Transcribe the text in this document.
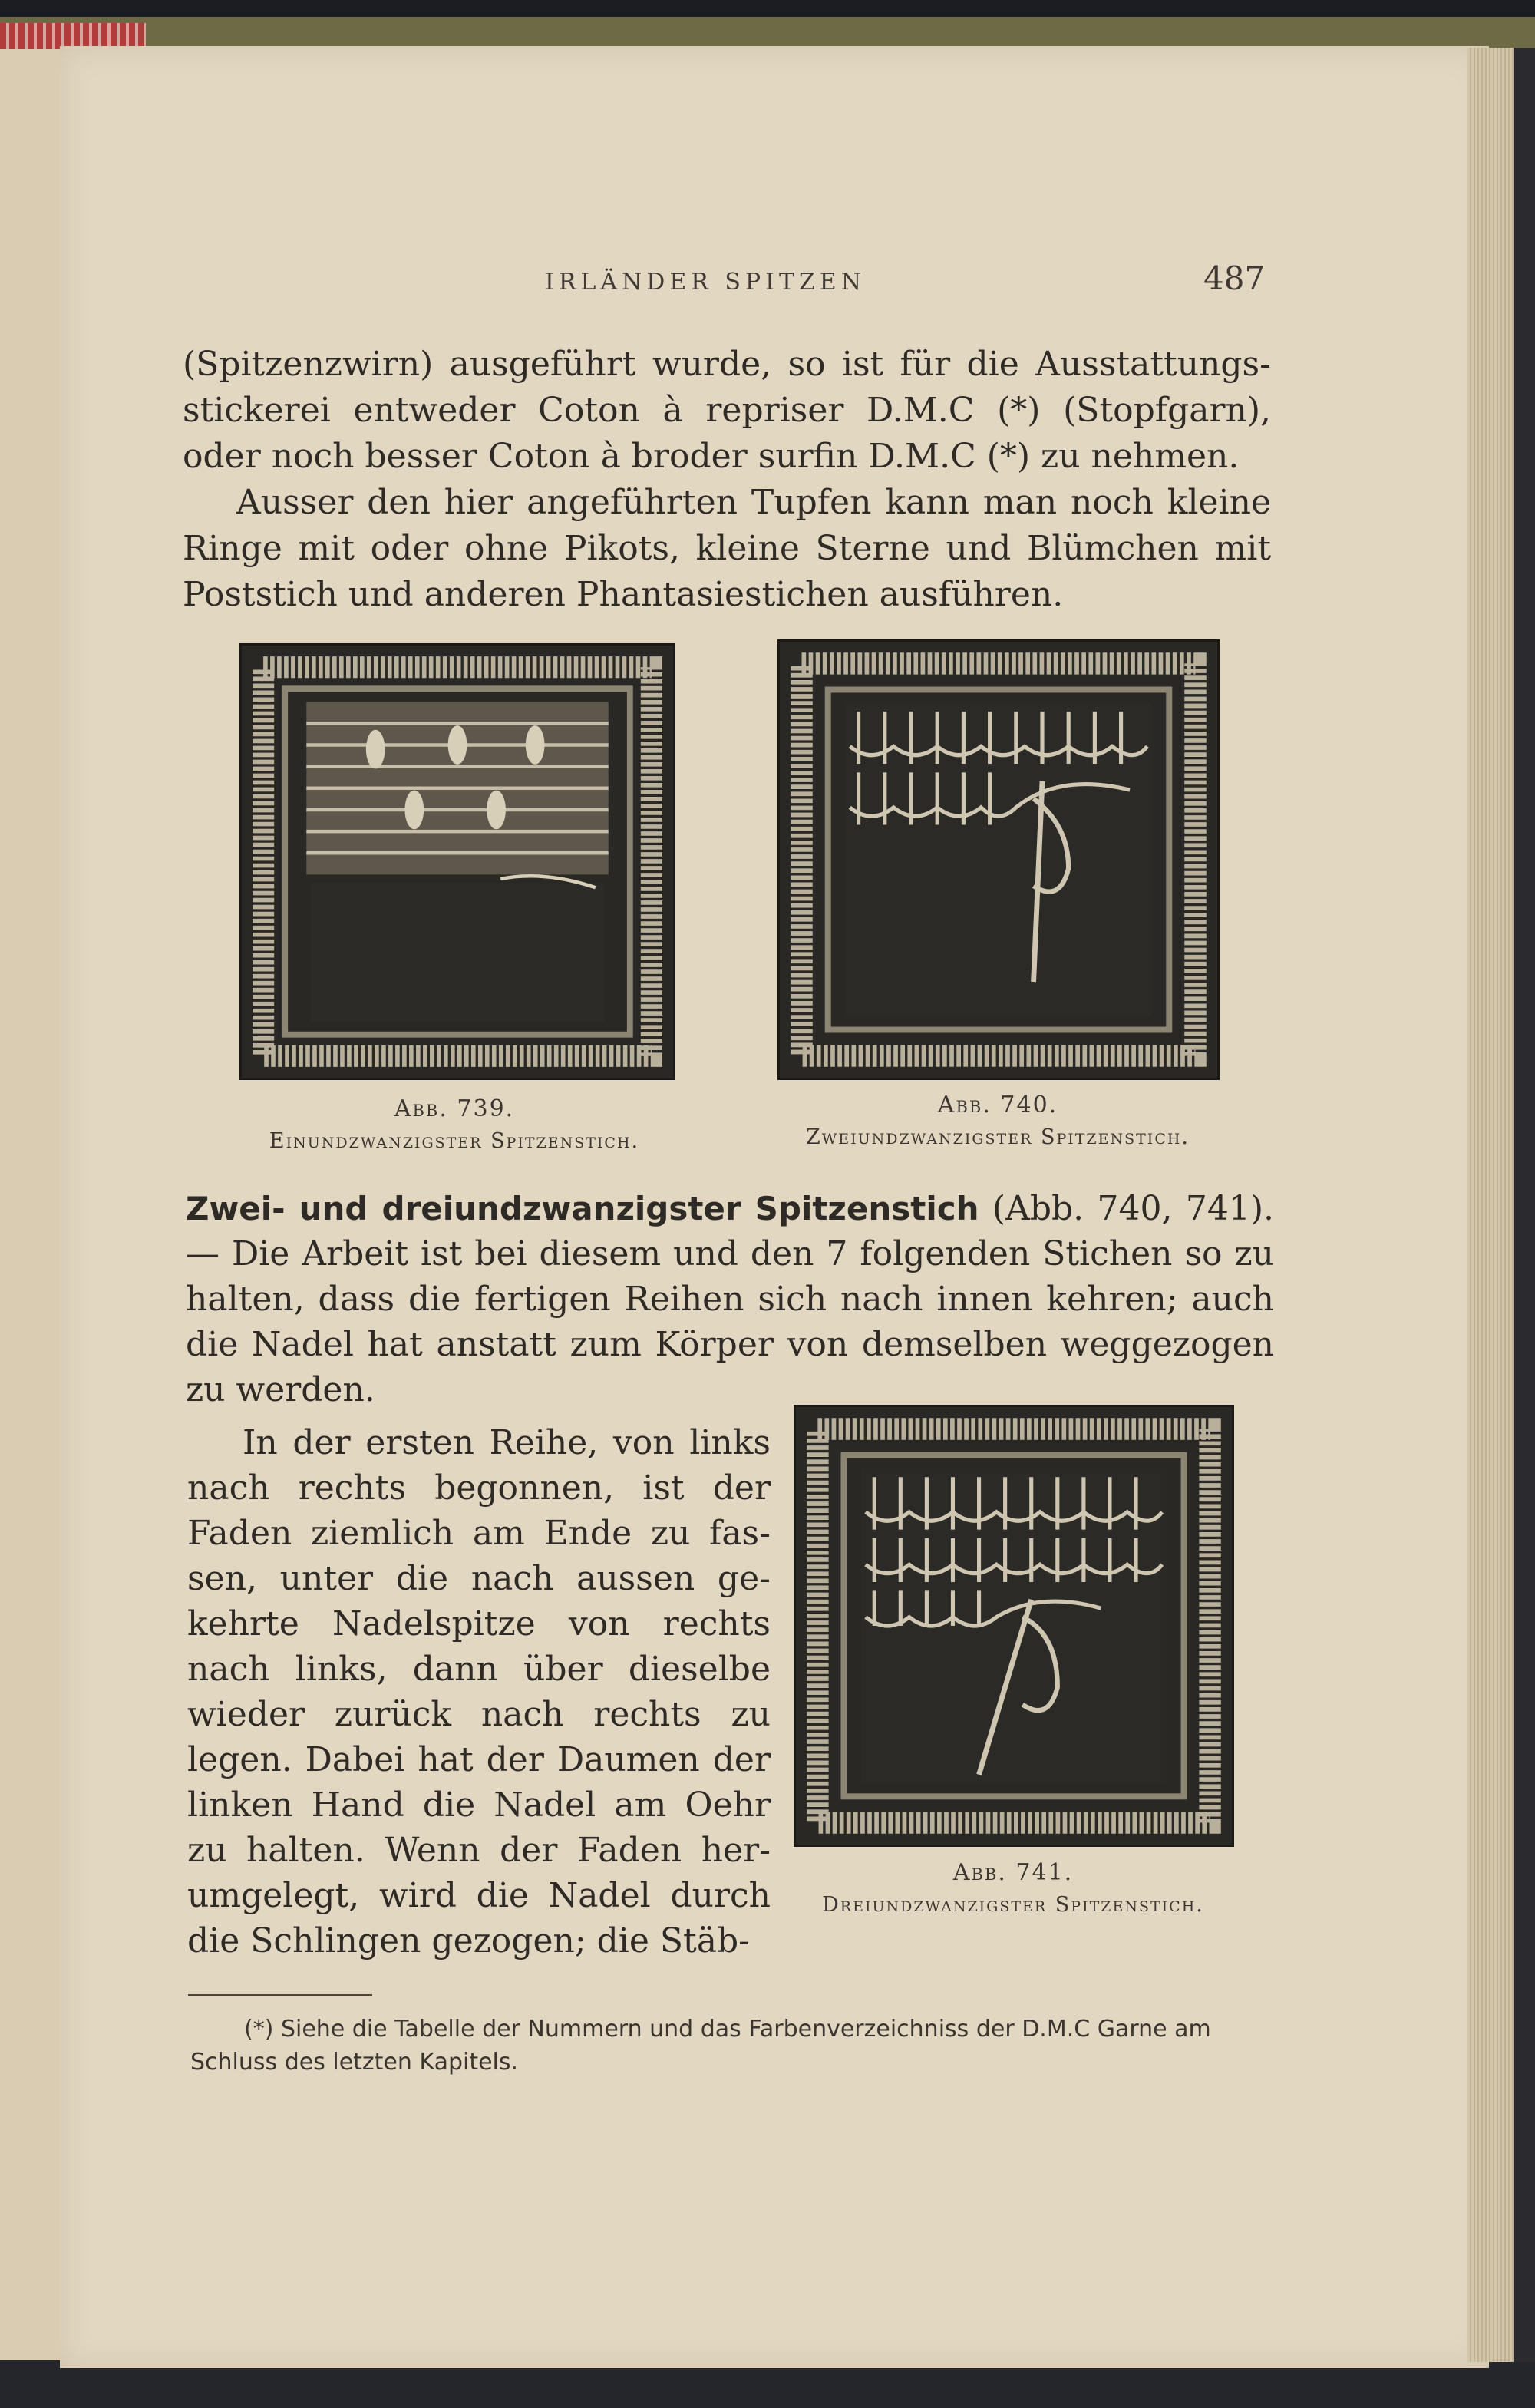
IRLÄNDER SPITZEN	487

(Spitzenzwirn) ausgeführt wurde, so ist für die Ausstattungsstickerei entweder Coton à repriser D.M.C (*) (Stopfgarn), oder noch besser Coton à broder surfin D.M.C (*) zu nehmen.

Ausser den hier angeführten Tupfen kann man noch kleine Ringe mit oder ohne Pikots, kleine Sterne und Blümchen mit Poststich und anderen Phantasiestichen ausführen.

Abb. 739.
Einundzwanzigster Spitzenstich.
Abb. 740.
Zweiundzwanzigster Spitzenstich.

Zwei- und dreiundzwanzigster Spitzenstich (Abb. 740, 741). — Die Arbeit ist bei diesem und den 7 folgenden Stichen so zu halten, dass die fertigen Reihen sich nach innen kehren; auch die Nadel hat anstatt zum Körper von demselben weggezogen zu werden.

In der ersten Reihe, von links nach rechts begonnen, ist der Faden ziemlich am Ende zu fassen, unter die nach aussen gekehrte Nadelspitze von rechts nach links, dann über dieselbe wieder zurück nach rechts zu legen. Dabei hat der Daumen der linken Hand die Nadel am Oehr zu halten. Wenn der Faden herumgelegt, wird die Nadel durch die Schlingen gezogen; die Stäb-

Abb. 741.
Dreiundzwanzigster Spitzenstich.

(*) Siehe die Tabelle der Nummern und das Farbenverzeichniss der D.M.C Garne am Schluss des letzten Kapitels.
